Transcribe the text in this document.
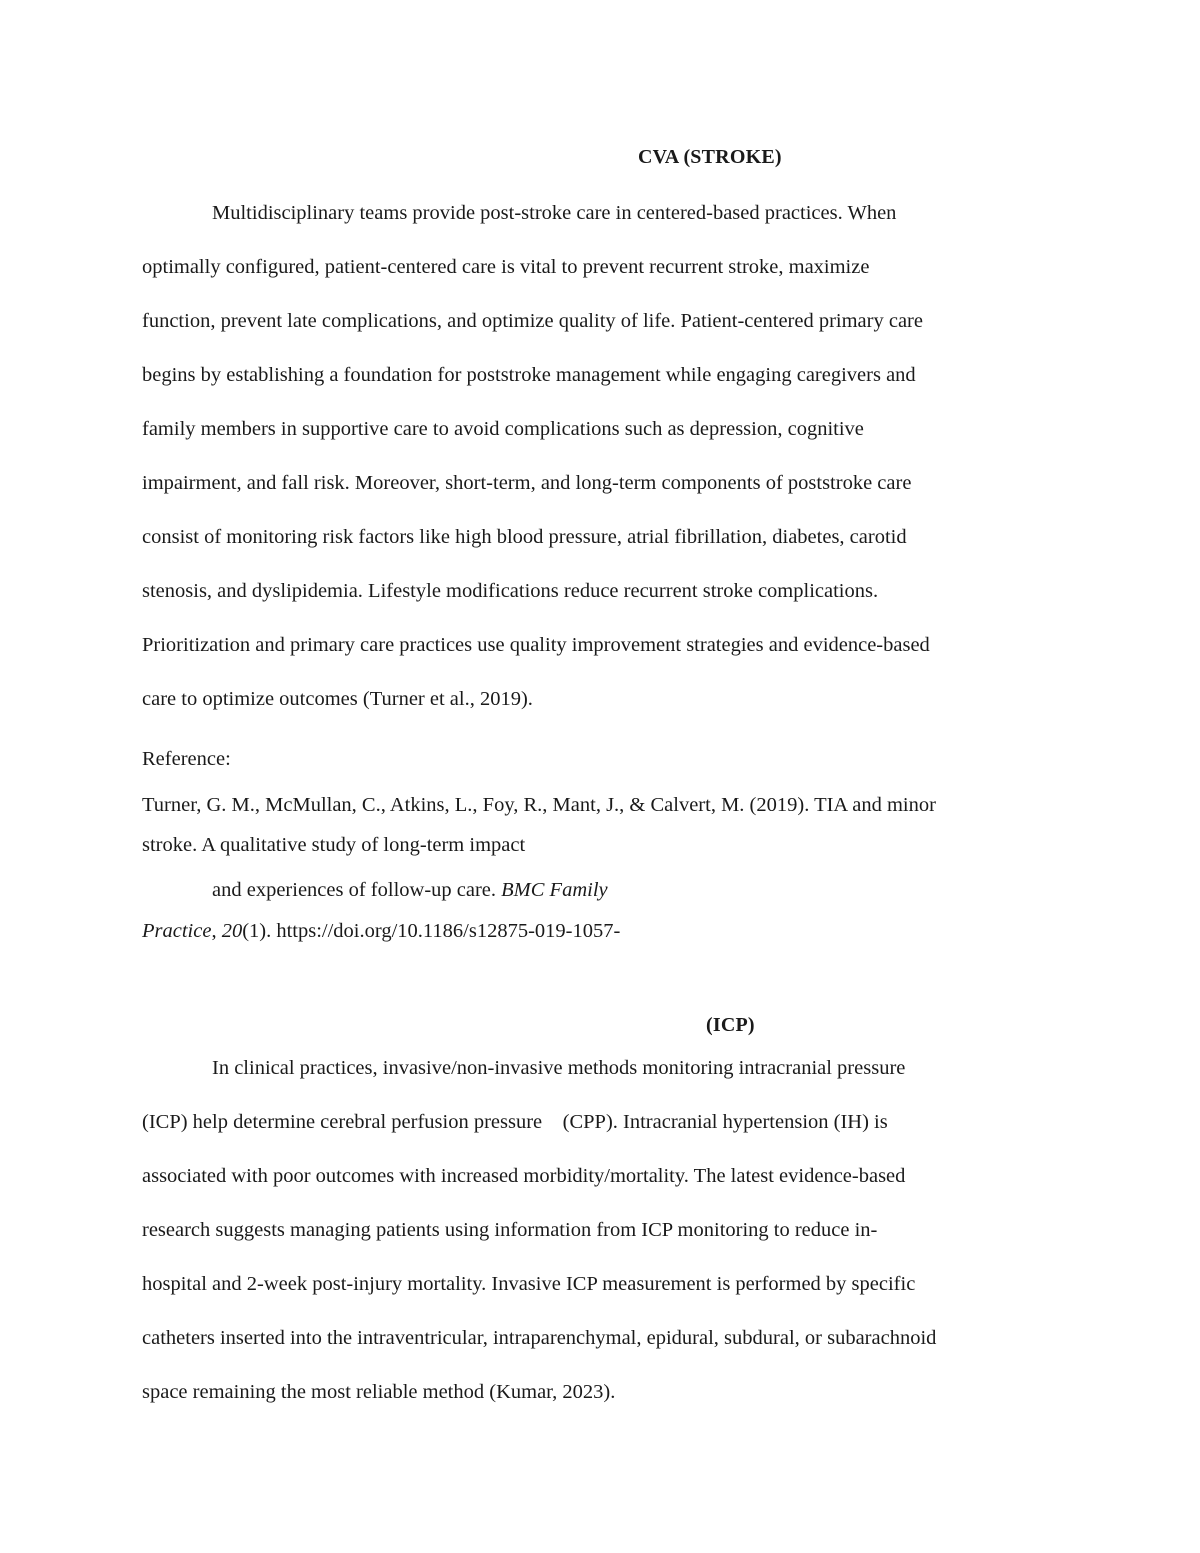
CVA (STROKE)
Multidisciplinary teams provide post-stroke care in centered-based practices. When
optimally configured, patient-centered care is vital to prevent recurrent stroke, maximize
function, prevent late complications, and optimize quality of life. Patient-centered primary care
begins by establishing a foundation for poststroke management while engaging caregivers and
family members in supportive care to avoid complications such as depression, cognitive
impairment, and fall risk. Moreover, short-term, and long-term components of poststroke care
consist of monitoring risk factors like high blood pressure, atrial fibrillation, diabetes, carotid
stenosis, and dyslipidemia. Lifestyle modifications reduce recurrent stroke complications.
Prioritization and primary care practices use quality improvement strategies and evidence-based
care to optimize outcomes (Turner et al., 2019).
Reference:
Turner, G. M., McMullan, C., Atkins, L., Foy, R., Mant, J., & Calvert, M. (2019). TIA and minor
stroke. A qualitative study of long-term impact
and experiences of follow-up care. BMC Family
Practice, 20(1). https://doi.org/10.1186/s12875-019-1057-
(ICP)
In clinical practices, invasive/non-invasive methods monitoring intracranial pressure
(ICP) help determine cerebral perfusion pressure    (CPP). Intracranial hypertension (IH) is
associated with poor outcomes with increased morbidity/mortality. The latest evidence-based
research suggests managing patients using information from ICP monitoring to reduce in-
hospital and 2-week post-injury mortality. Invasive ICP measurement is performed by specific
catheters inserted into the intraventricular, intraparenchymal, epidural, subdural, or subarachnoid
space remaining the most reliable method (Kumar, 2023).
